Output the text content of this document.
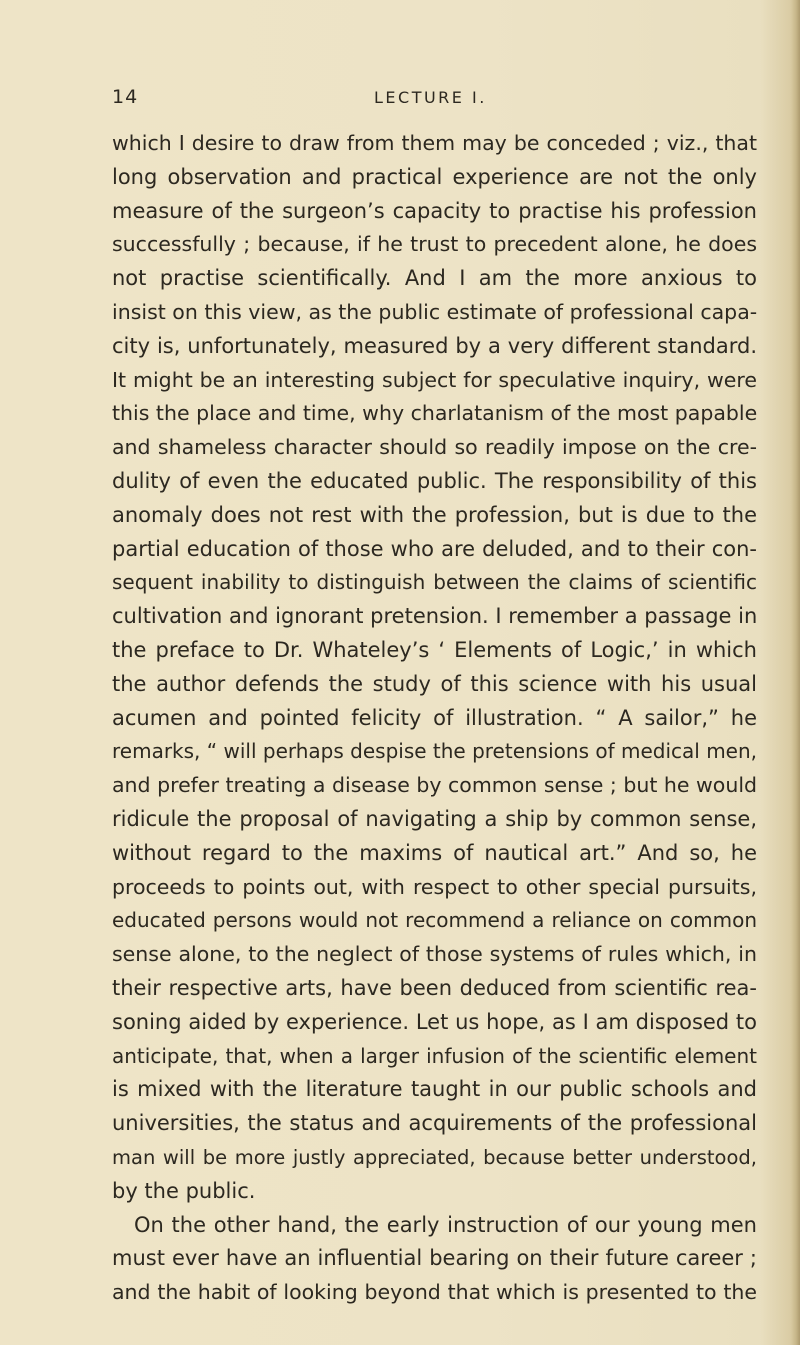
14	LECTURE I.
which I desire to draw from them may be conceded ; viz., that
long observation and practical experience are not the only
measure of the surgeon’s capacity to practise his profession
successfully ; because, if he trust to precedent alone, he does
not practise scientifically. And I am the more anxious to
insist on this view, as the public estimate of professional capa-
city is, unfortunately, measured by a very different standard.
It might be an interesting subject for speculative inquiry, were
this the place and time, why charlatanism of the most papable
and shameless character should so readily impose on the cre-
dulity of even the educated public. The responsibility of this
anomaly does not rest with the profession, but is due to the
partial education of those who are deluded, and to their con-
sequent inability to distinguish between the claims of scientific
cultivation and ignorant pretension. I remember a passage in
the preface to Dr. Whateley’s ‘ Elements of Logic,’ in which
the author defends the study of this science with his usual
acumen and pointed felicity of illustration. “ A sailor,” he
remarks, “ will perhaps despise the pretensions of medical men,
and prefer treating a disease by common sense ; but he would
ridicule the proposal of navigating a ship by common sense,
without regard to the maxims of nautical art.” And so, he
proceeds to points out, with respect to other special pursuits,
educated persons would not recommend a reliance on common
sense alone, to the neglect of those systems of rules which, in
their respective arts, have been deduced from scientific rea-
soning aided by experience. Let us hope, as I am disposed to
anticipate, that, when a larger infusion of the scientific element
is mixed with the literature taught in our public schools and
universities, the status and acquirements of the professional
man will be more justly appreciated, because better understood,
by the public.
On the other hand, the early instruction of our young men
must ever have an influential bearing on their future career ;
and the habit of looking beyond that which is presented to the
